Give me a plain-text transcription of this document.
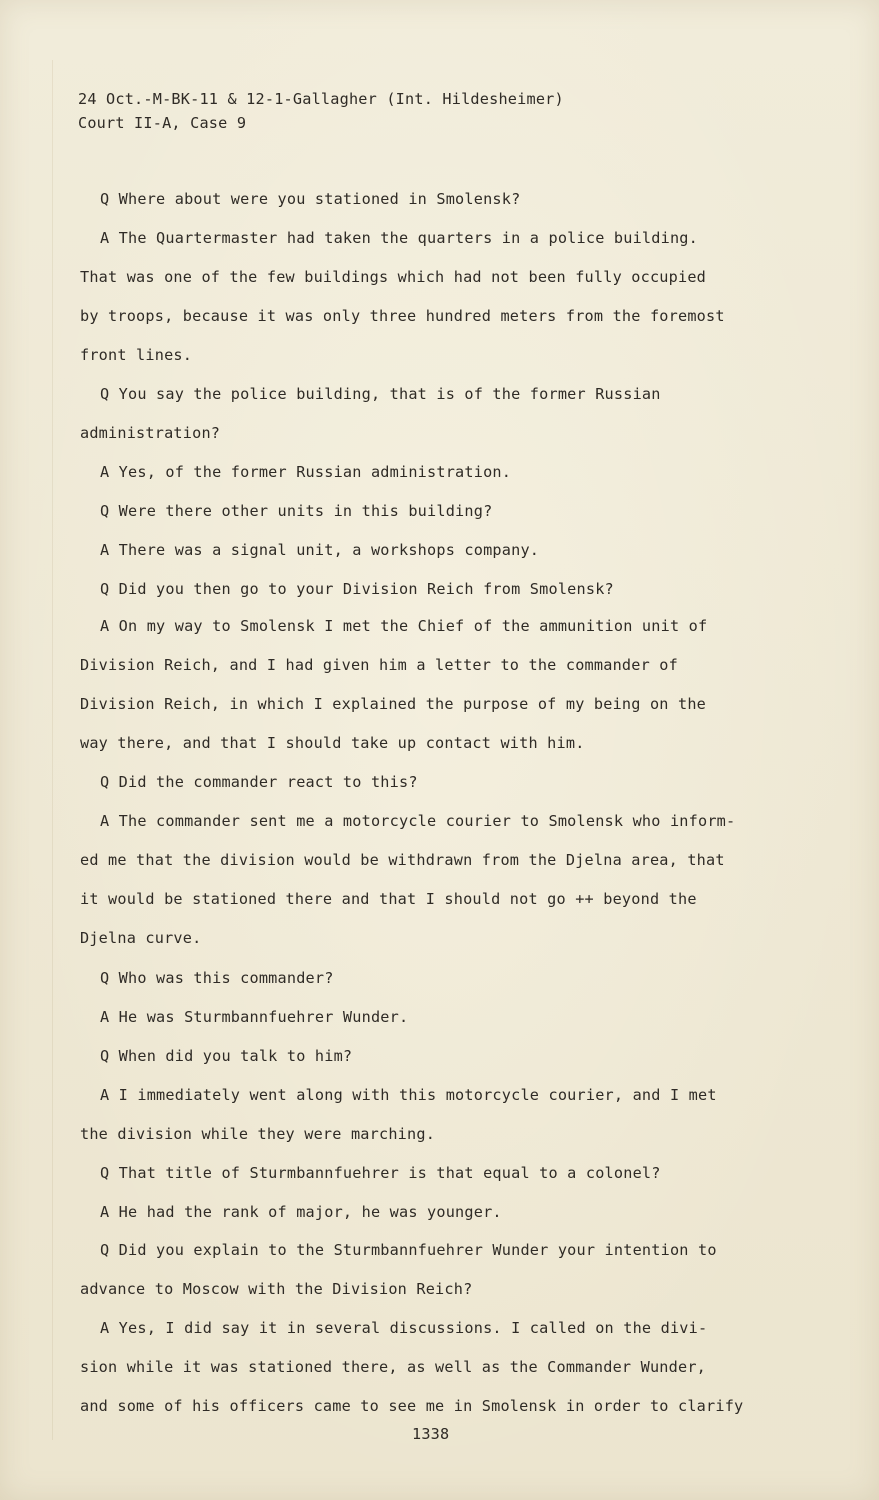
24 Oct.-M-BK-11 & 12-1-Gallagher (Int. Hildesheimer)
Court II-A, Case 9
Q Where about were you stationed in Smolensk?
A The Quartermaster had taken the quarters in a police building.
That was one of the few buildings which had not been fully occupied
by troops, because it was only three hundred meters from the foremost
front lines.
Q You say the police building, that is of the former Russian
administration?
A Yes, of the former Russian administration.
Q Were there other units in this building?
A There was a signal unit, a workshops company.
Q Did you then go to your Division Reich from Smolensk?
A On my way to Smolensk I met the Chief of the ammunition unit of
Division Reich, and I had given him a letter to the commander of
Division Reich, in which I explained the purpose of my being on the
way there, and that I should take up contact with him.
Q Did the commander react to this?
A The commander sent me a motorcycle courier to Smolensk who inform-
ed me that the division would be withdrawn from the Djelna area, that
it would be stationed there and that I should not go ++ beyond the
Djelna curve.
Q Who was this commander?
A He was Sturmbannfuehrer Wunder.
Q When did you talk to him?
A I immediately went along with this motorcycle courier, and I met
the division while they were marching.
Q That title of Sturmbannfuehrer is that equal to a colonel?
A He had the rank of major, he was younger.
Q Did you explain to the Sturmbannfuehrer Wunder your intention to
advance to Moscow with the Division Reich?
A Yes, I did say it in several discussions. I called on the divi-
sion while it was stationed there, as well as the Commander Wunder,
and some of his officers came to see me in Smolensk in order to clarify
1338
